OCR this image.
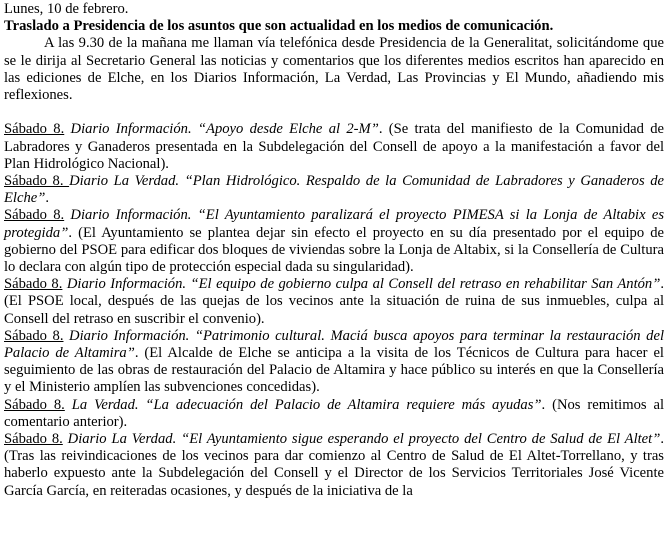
Lunes, 10 de febrero.

Traslado a Presidencia de los asuntos que son actualidad en los medios de comunicación.

A las 9.30 de la mañana me llaman vía telefónica desde Presidencia de la Generalitat, solicitándome que se le dirija al Secretario General las noticias y comentarios que los diferentes medios escritos han aparecido en las ediciones de Elche, en los Diarios Información, La Verdad, Las Provincias y El Mundo, añadiendo mis reflexiones.

Sábado 8. Diario Información. “Apoyo desde Elche al 2-M”. (Se trata del manifiesto de la Comunidad de Labradores y Ganaderos presentada en la Subdelegación del Consell de apoyo a la manifestación a favor del Plan Hidrológico Nacional).

Sábado 8. Diario La Verdad. “Plan Hidrológico. Respaldo de la Comunidad de Labradores y Ganaderos de Elche”.

Sábado 8. Diario Información. “El Ayuntamiento paralizará el proyecto PIMESA si la Lonja de Altabix es protegida”. (El Ayuntamiento se plantea dejar sin efecto el proyecto en su día presentado por el equipo de gobierno del PSOE para edificar dos bloques de viviendas sobre la Lonja de Altabix, si la Consellería de Cultura lo declara con algún tipo de protección especial dada su singularidad).

Sábado 8. Diario Información. “El equipo de gobierno culpa al Consell del retraso en rehabilitar San Antón”. (El PSOE local, después de las quejas de los vecinos ante la situación de ruina de sus inmuebles, culpa al Consell del retraso en suscribir el convenio).

Sábado 8. Diario Información. “Patrimonio cultural. Maciá busca apoyos para terminar la restauración del Palacio de Altamira”. (El Alcalde de Elche se anticipa a la visita de los Técnicos de Cultura para hacer el seguimiento de las obras de restauración del Palacio de Altamira y hace público su interés en que la Consellería y el Ministerio amplíen las subvenciones concedidas).

Sábado 8. La Verdad. “La adecuación del Palacio de Altamira requiere más ayudas”. (Nos remitimos al comentario anterior).

Sábado 8. Diario La Verdad. “El Ayuntamiento sigue esperando el proyecto del Centro de Salud de El Altet”. (Tras las reivindicaciones de los vecinos para dar comienzo al Centro de Salud de El Altet-Torrellano, y tras haberlo expuesto ante la Subdelegación del Consell y el Director de los Servicios Territoriales José Vicente García García, en reiteradas ocasiones, y después de la iniciativa de la
